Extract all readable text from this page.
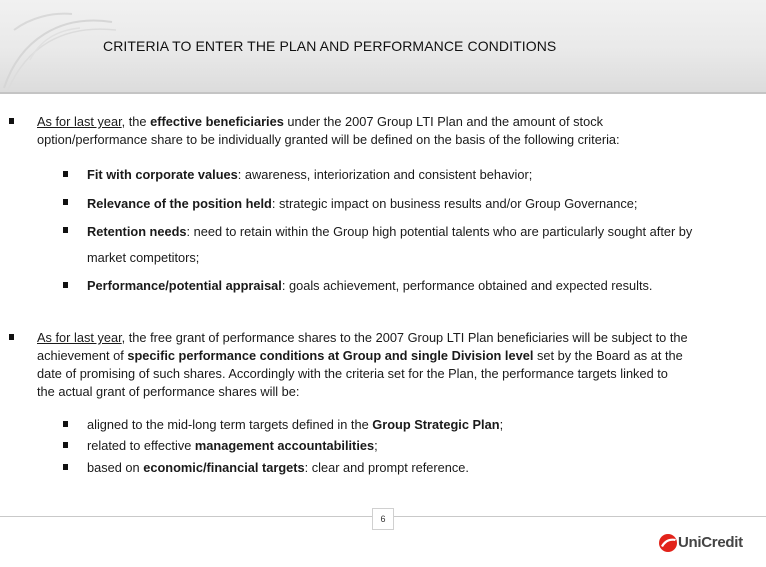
CRITERIA TO ENTER THE PLAN AND PERFORMANCE CONDITIONS
As for last year, the effective beneficiaries under the 2007 Group LTI Plan and the amount of stock
option/performance share to be individually granted will be defined on the basis of the following criteria:
Fit with corporate values: awareness, interiorization and consistent behavior;
Relevance of the position held: strategic impact on business results and/or Group Governance;
Retention needs: need to retain within the Group high potential talents who are particularly sought after by
market competitors;
Performance/potential appraisal: goals achievement, performance obtained and expected results.
As for last year, the free grant of performance shares to the 2007 Group LTI Plan beneficiaries will be subject to the
achievement of specific performance conditions at Group and single Division level set by the Board as at the
date of promising of such shares. Accordingly with the criteria set for the Plan, the performance targets linked to
the actual grant of performance shares will be:
aligned to the mid-long term targets defined in the Group Strategic Plan;
related to effective management accountabilities;
based on economic/financial targets: clear and prompt reference.
6
UniCredit
